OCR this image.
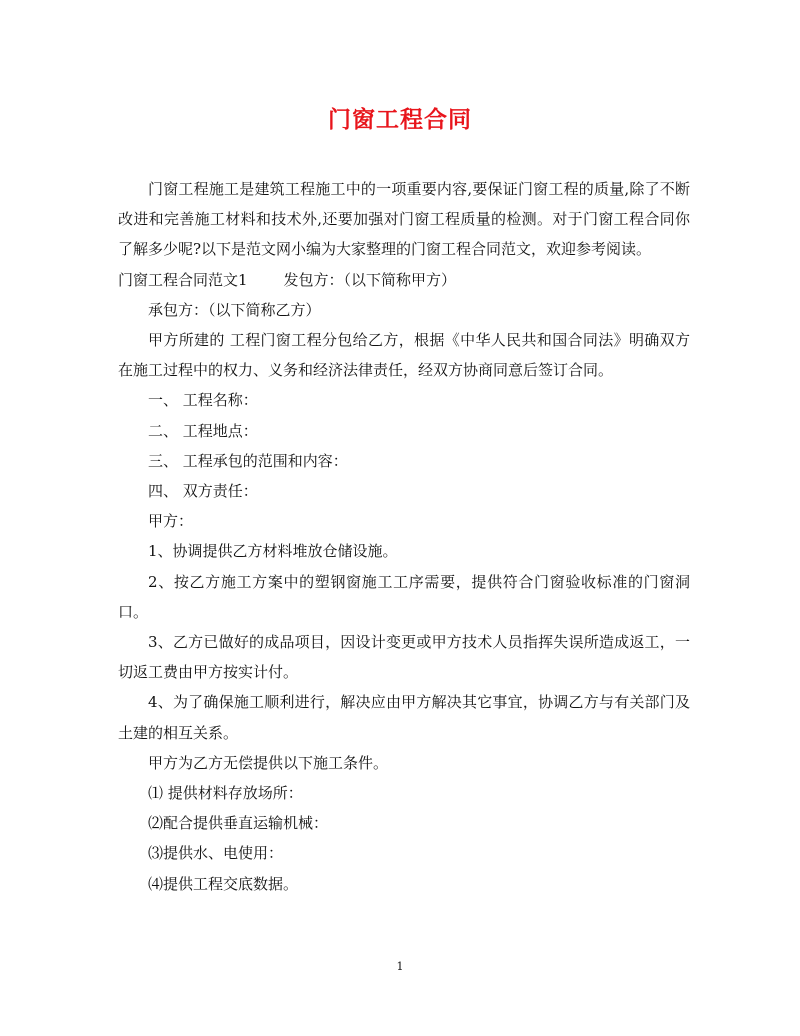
门窗工程合同

门窗工程施工是建筑工程施工中的一项重要内容,要保证门窗工程的质量,除了不断改进和完善施工材料和技术外,还要加强对门窗工程质量的检测。对于门窗工程合同你了解多少呢?以下是范文网小编为大家整理的门窗工程合同范文，欢迎参考阅读。

门窗工程合同范文1 发包方：（以下简称甲方）

承包方：（以下简称乙方）

甲方所建的 工程门窗工程分包给乙方，根据《中华人民共和国合同法》明确双方在施工过程中的权力、义务和经济法律责任，经双方协商同意后签订合同。

一、 工程名称：

二、 工程地点：

三、 工程承包的范围和内容：

四、 双方责任：

甲方：

1、协调提供乙方材料堆放仓储设施。

2、按乙方施工方案中的塑钢窗施工工序需要，提供符合门窗验收标准的门窗洞口。

3、乙方已做好的成品项目，因设计变更或甲方技术人员指挥失误所造成返工，一切返工费由甲方按实计付。

4、为了确保施工顺利进行，解决应由甲方解决其它事宜，协调乙方与有关部门及土建的相互关系。

甲方为乙方无偿提供以下施工条件。

⑴ 提供材料存放场所：

⑵配合提供垂直运输机械：

⑶提供水、电使用：

⑷提供工程交底数据。

1
